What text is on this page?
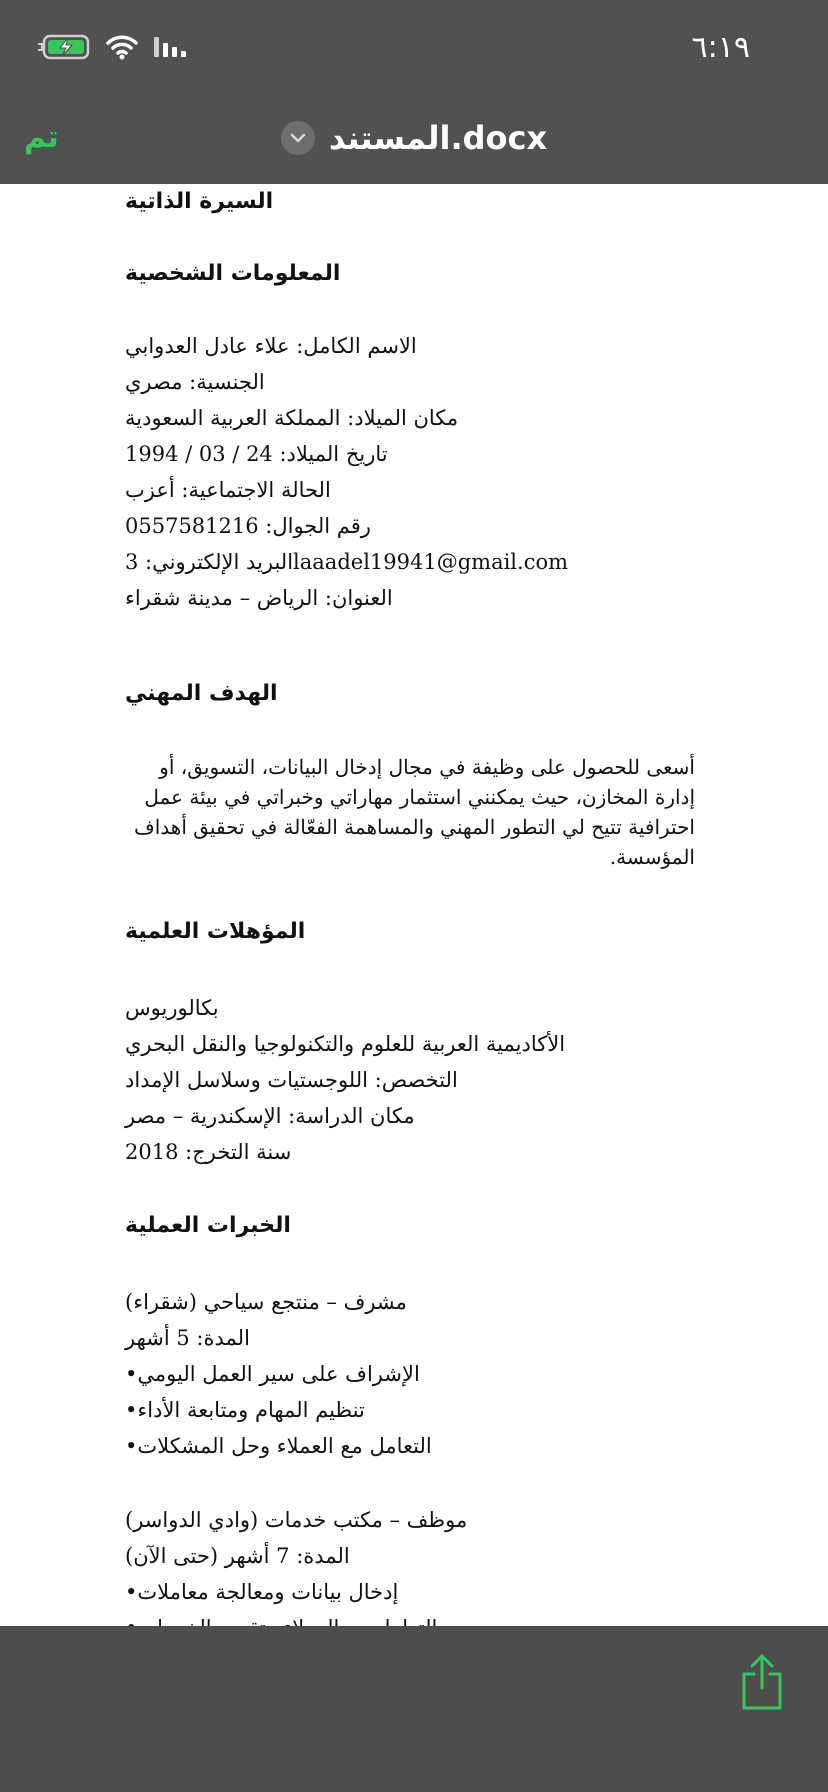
٦:١٩
المستند.docx
تم
السيرة الذاتية
المعلومات الشخصية
الاسم الكامل: علاء عادل العدوابي
الجنسية: مصري
مكان الميلاد: المملكة العربية السعودية
تاريخ الميلاد: 24 / 03 / 1994
الحالة الاجتماعية: أعزب
رقم الجوال: 0557581216
البريد الإلكتروني: 3laaadel19941@gmail.com
العنوان: الرياض – مدينة شقراء
الهدف المهني
أسعى للحصول على وظيفة في مجال إدخال البيانات، التسويق، أو إدارة المخازن، حيث يمكنني استثمار مهاراتي وخبراتي في بيئة عمل احترافية تتيح لي التطور المهني والمساهمة الفعّالة في تحقيق أهداف المؤسسة.
المؤهلات العلمية
بكالوريوس
الأكاديمية العربية للعلوم والتكنولوجيا والنقل البحري
التخصص: اللوجستيات وسلاسل الإمداد
مكان الدراسة: الإسكندرية – مصر
سنة التخرج: 2018
الخبرات العملية
مشرف – منتجع سياحي (شقراء)
المدة: 5 أشهر
•الإشراف على سير العمل اليومي
•تنظيم المهام ومتابعة الأداء
•التعامل مع العملاء وحل المشكلات
موظف – مكتب خدمات (وادي الدواسر)
المدة: 7 أشهر (حتى الآن)
•إدخال بيانات ومعالجة معاملات
